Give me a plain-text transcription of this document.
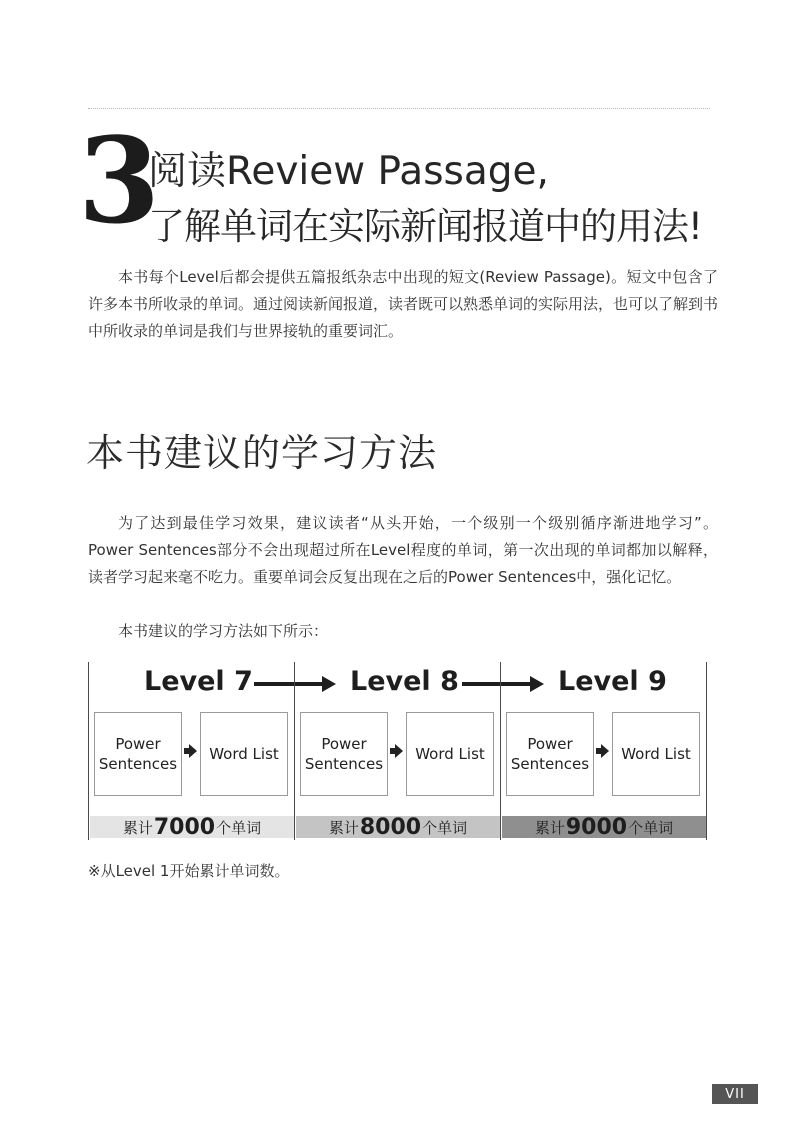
3
阅读Review Passage,
了解单词在实际新闻报道中的用法!

本书每个Level后都会提供五篇报纸杂志中出现的短文(Review Passage)。短文中包含了许多本书所收录的单词。通过阅读新闻报道，读者既可以熟悉单词的实际用法，也可以了解到书中所收录的单词是我们与世界接轨的重要词汇。

本书建议的学习方法

为了达到最佳学习效果，建议读者“从头开始，一个级别一个级别循序渐进地学习”。Power Sentences部分不会出现超过所在Level程度的单词，第一次出现的单词都加以解释，读者学习起来毫不吃力。重要单词会反复出现在之后的Power Sentences中，强化记忆。

本书建议的学习方法如下所示：

Level 7
Power Sentences
Word List
累计 7000 个单词
Level 8
Power Sentences
Word List
累计 8000 个单词
Level 9
Power Sentences
Word List
累计 9000 个单词
※从Level 1开始累计单词数。
VII
